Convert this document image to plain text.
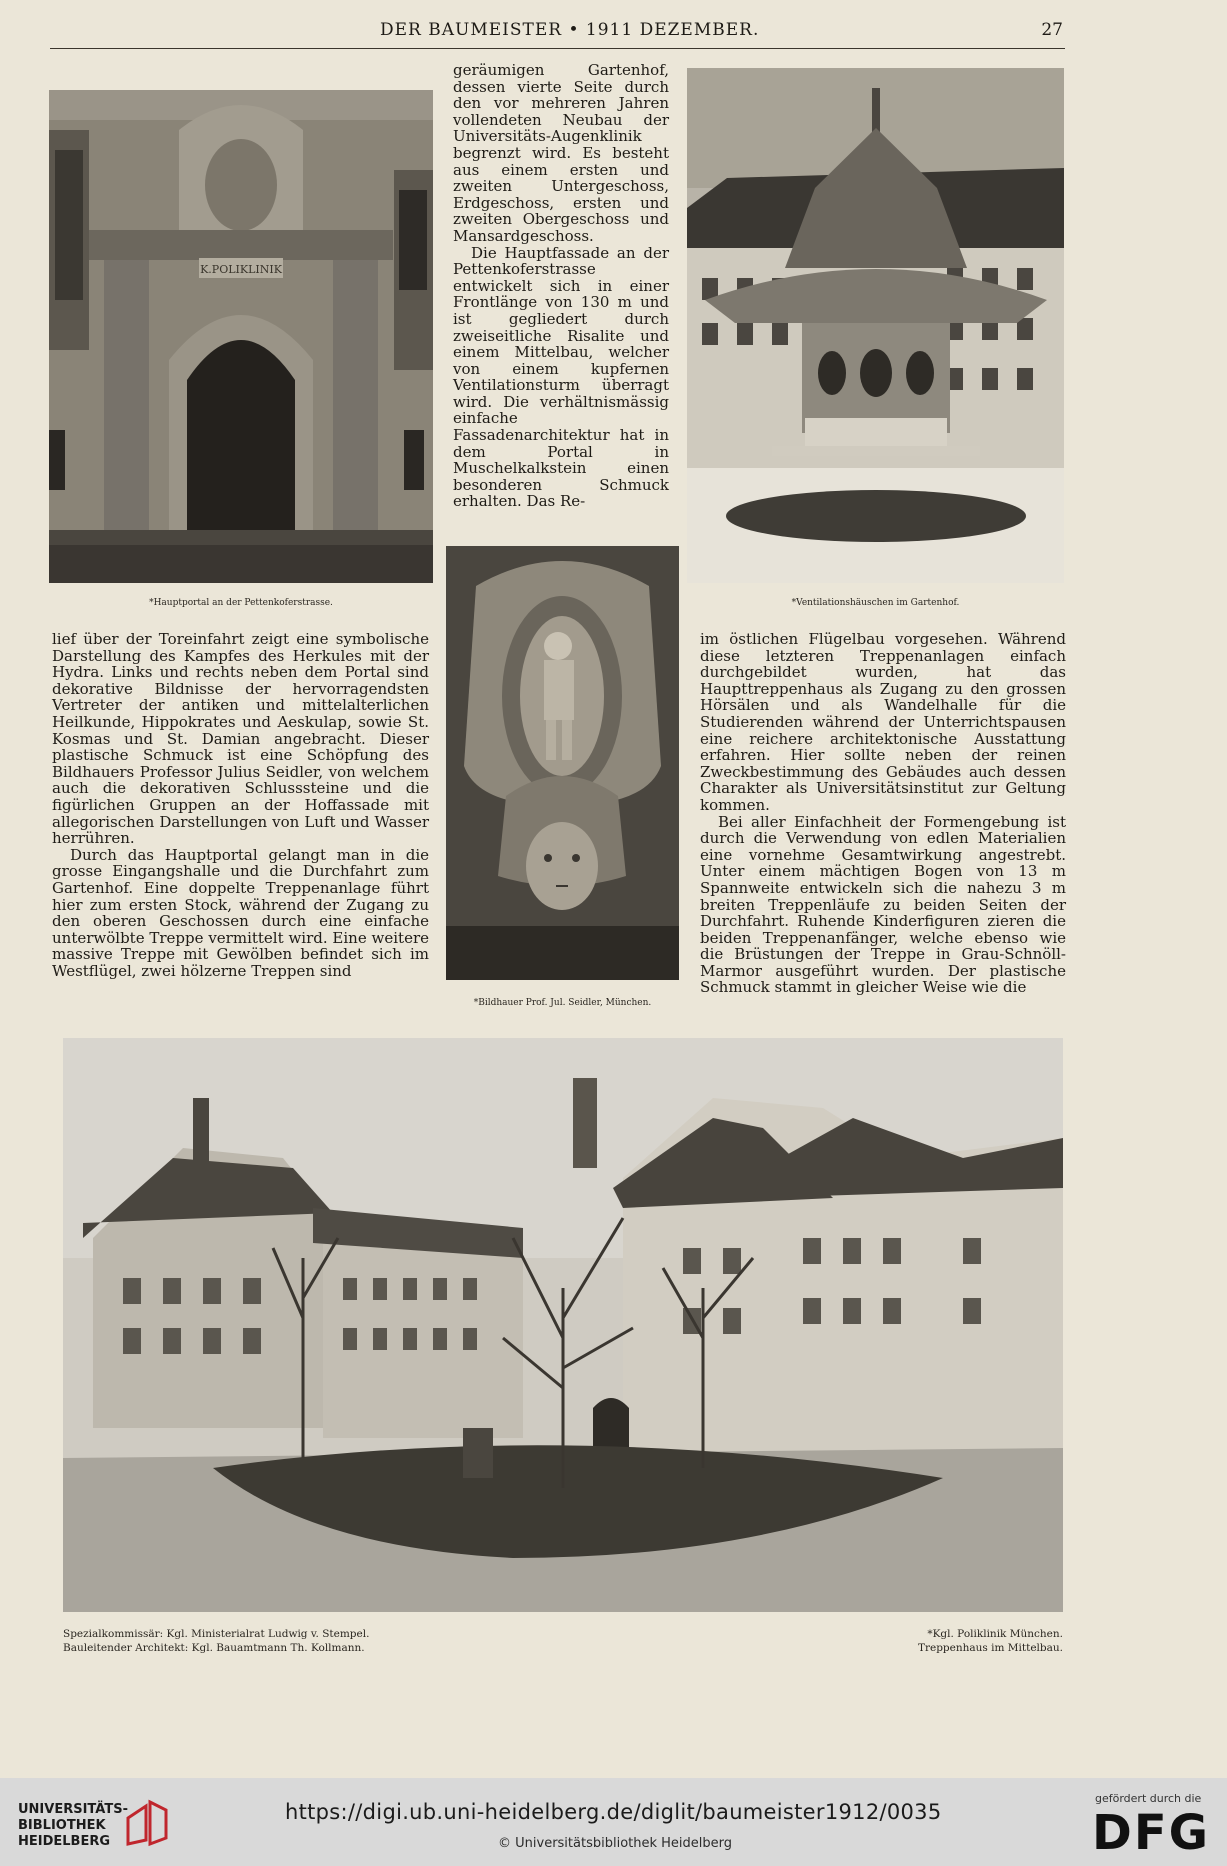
DER BAUMEISTER • 1911 DEZEMBER.	27
K.POLIKLINIK
*Hauptportal an der Pettenkoferstrasse.

geräumigen Gartenhof, dessen vierte Seite durch den vor mehreren Jahren vollendeten Neubau der Universitäts-Augenklinik begrenzt wird. Es besteht aus einem ersten und zweiten Untergeschoss, Erdgeschoss, ersten und zweiten Obergeschoss und Mansardgeschoss.

Die Hauptfassade an der Pettenkoferstrasse entwickelt sich in einer Frontlänge von 130 m und ist gegliedert durch zweiseitliche Risalite und einem Mittelbau, welcher von einem kupfernen Ventilationsturm überragt wird. Die verhältnismässig einfache Fassadenarchitektur hat in dem Portal in Muschelkalkstein einen besonderen Schmuck erhalten. Das Re-

*Ventilationshäuschen im Gartenhof.
*Bildhauer Prof. Jul. Seidler, München.

lief über der Toreinfahrt zeigt eine symbolische Darstellung des Kampfes des Herkules mit der Hydra. Links und rechts neben dem Portal sind dekorative Bildnisse der hervorragendsten Vertreter der antiken und mittelalterlichen Heilkunde, Hippokrates und Aeskulap, sowie St. Kosmas und St. Damian angebracht. Dieser plastische Schmuck ist eine Schöpfung des Bildhauers Professor Julius Seidler, von welchem auch die dekorativen Schlusssteine und die figürlichen Gruppen an der Hoffassade mit allegorischen Darstellungen von Luft und Wasser herrühren.

Durch das Hauptportal gelangt man in die grosse Eingangshalle und die Durchfahrt zum Gartenhof. Eine doppelte Treppenanlage führt hier zum ersten Stock, während der Zugang zu den oberen Geschossen durch eine einfache unterwölbte Treppe vermittelt wird. Eine weitere massive Treppe mit Gewölben befindet sich im Westflügel, zwei hölzerne Treppen sind

im östlichen Flügelbau vorgesehen. Während diese letzteren Treppenanlagen einfach durchgebildet wurden, hat das Haupttreppenhaus als Zugang zu den grossen Hörsälen und als Wandelhalle für die Studierenden während der Unterrichtspausen eine reichere architektonische Ausstattung erfahren. Hier sollte neben der reinen Zweckbestimmung des Gebäudes auch dessen Charakter als Universitätsinstitut zur Geltung kommen.

Bei aller Einfachheit der Formengebung ist durch die Verwendung von edlen Materialien eine vornehme Gesamtwirkung angestrebt. Unter einem mächtigen Bogen von 13 m Spannweite entwickeln sich die nahezu 3 m breiten Treppenläufe zu beiden Seiten der Durchfahrt. Ruhende Kinderfiguren zieren die beiden Treppenanfänger, welche ebenso wie die Brüstungen der Treppe in Grau-Schnöll-Marmor ausgeführt wurden. Der plastische Schmuck stammt in gleicher Weise wie die

Spezialkommissär: Kgl. Ministerialrat Ludwig v. Stempel.
Bauleitender Architekt: Kgl. Bauamtmann Th. Kollmann.
*Kgl. Poliklinik München.
Treppenhaus im Mittelbau.
UNIVERSITÄTS-
BIBLIOTHEK
HEIDELBERG
https://digi.ub.uni-heidelberg.de/diglit/baumeister1912/0035
© Universitätsbibliothek Heidelberg
gefördert durch die
DFG
